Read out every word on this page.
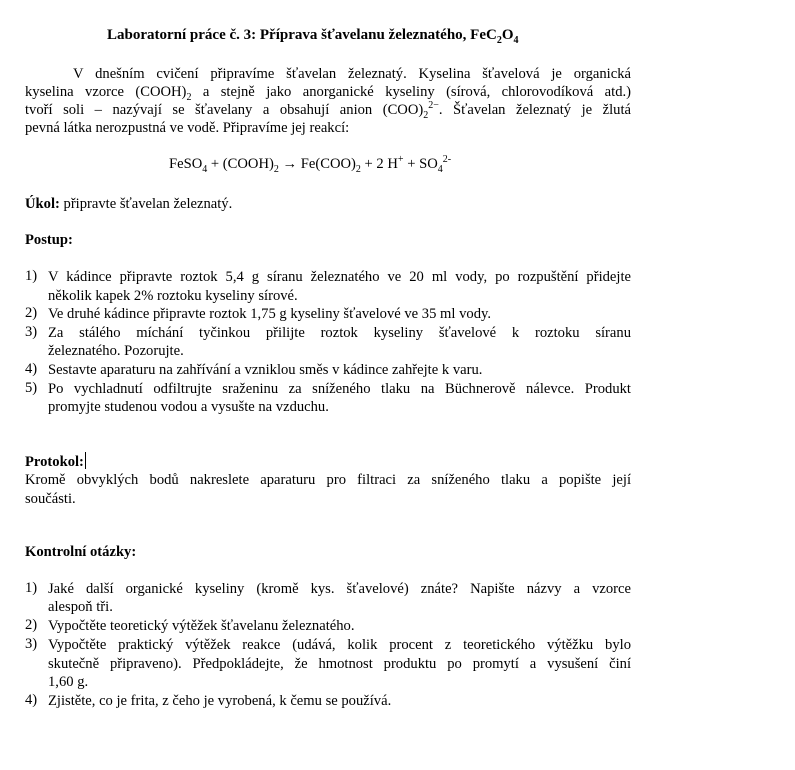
Laboratorní práce č. 3: Příprava šťavelanu železnatého, $FeC_2O_4$
V dnešním cvičení připravíme šťavelan železnatý. Kyselina šťavelová je organická
kyselina vzorce $(COOH)_2$ a stejně jako anorganické kyseliny (sírová, chlorovodíková atd.)
tvoří soli – nazývají se šťavelany a obsahují anion $(COO)_2^{2-}$. Šťavelan železnatý je žlutá
pevná látka nerozpustná ve vodě. Připravíme jej reakcí:
FeSO$_4$ + $(COOH)_2 \to Fe(COO)_2 + 2$ $H^+ + SO_4^{2-}$
Úkol: připravte šťavelan železnatý.
Postup:
1) V kádince připravte roztok 5,4 g síranu železnatého ve 20 ml vody, po rozpuštění přidejte
několik kapek 2% roztoku kyseliny sírové.
2) Ve druhé kádince připravte roztok 1,75 g kyseliny šťavelové ve 35 ml vody.
3) Za stálého míchání tyčinkou přilijte roztok kyseliny šťavelové k roztoku síranu
železnatého. Pozorujte.
4) Sestavte aparaturu na zahřívání a vzniklou směs v kádince zahřejte k varu.
5) Po vychladnutí odfiltrujte sraženinu za sníženého tlaku na Büchnerově nálevce. Produkt
promyjte studenou vodou a vysušte na vzduchu.
Protokol:
Kromě obvyklých bodů nakreslete aparaturu pro filtraci za sníženého tlaku a popište její
součásti.
Kontrolní otázky:
1) Jaké další organické kyseliny (kromě kys. šťavelové) znáte? Napište názvy a vzorce
alespoň tři.
2) Vypočtěte teoretický výtěžek šťavelanu železnatého.
3) Vypočtěte praktický výtěžek reakce (udává, kolik procent z teoretického výtěžku bylo
skutečně připraveno). Předpokládejte, že hmotnost produktu po promytí a vysušení činí
1,60 g.
4) Zjistěte, co je frita, z čeho je vyrobená, k čemu se používá.
